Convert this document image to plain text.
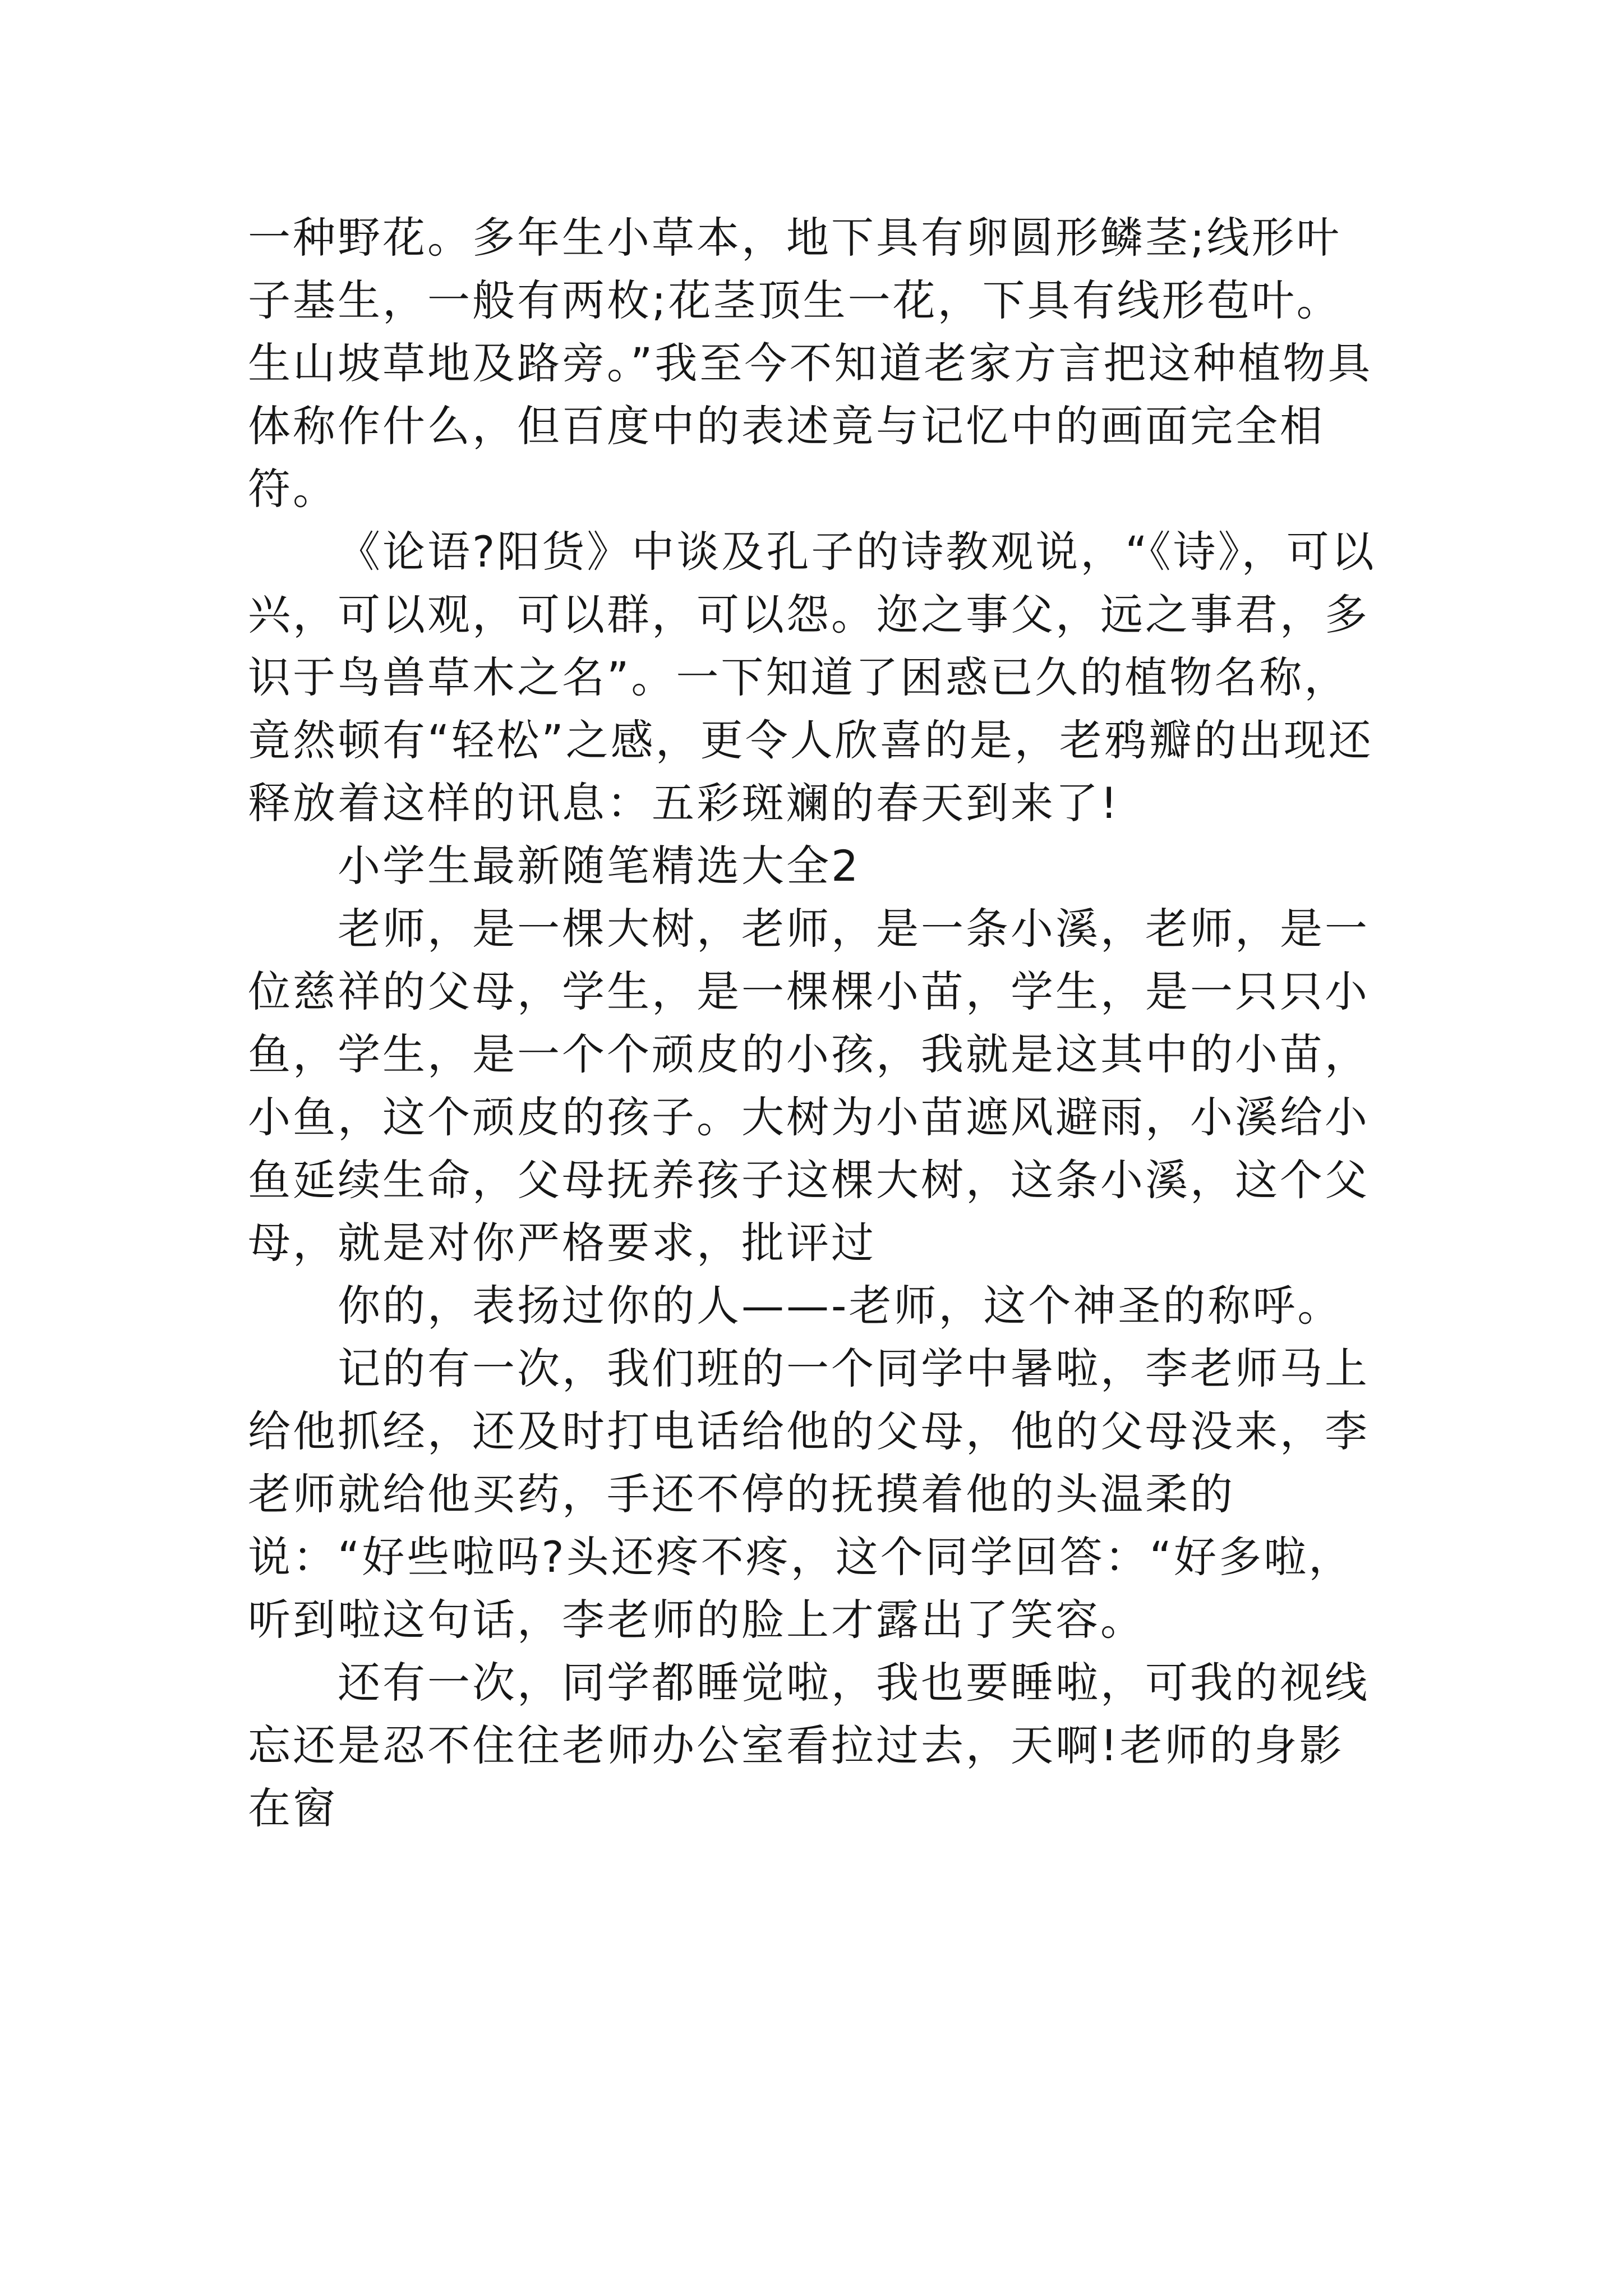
一种野花。多年生小草本，地下具有卵圆形鳞茎;线形叶子基生，一般有两枚;花茎顶生一花，下具有线形苞叶。生山坡草地及路旁。”我至今不知道老家方言把这种植物具体称作什么，但百度中的表述竟与记忆中的画面完全相符。

《论语?阳货》中谈及孔子的诗教观说，“《诗》，可以兴，可以观，可以群，可以怨。迩之事父，远之事君，多识于鸟兽草木之名”。一下知道了困惑已久的植物名称，竟然顿有“轻松”之感，更令人欣喜的是，老鸦瓣的出现还释放着这样的讯息：五彩斑斓的春天到来了!

小学生最新随笔精选大全2

老师，是一棵大树，老师，是一条小溪，老师，是一位慈祥的父母，学生，是一棵棵小苗，学生，是一只只小鱼，学生，是一个个顽皮的小孩，我就是这其中的小苗，小鱼，这个顽皮的孩子。大树为小苗遮风避雨，小溪给小鱼延续生命，父母抚养孩子这棵大树，这条小溪，这个父母，就是对你严格要求，批评过

你的，表扬过你的人——-老师，这个神圣的称呼。

记的有一次，我们班的一个同学中暑啦，李老师马上给他抓经，还及时打电话给他的父母，他的父母没来，李老师就给他买药，手还不停的抚摸着他的头温柔的说：“好些啦吗?头还疼不疼，这个同学回答：“好多啦，听到啦这句话，李老师的脸上才露出了笑容。

还有一次，同学都睡觉啦，我也要睡啦，可我的视线忘还是忍不住往老师办公室看拉过去，天啊!老师的身影在窗
